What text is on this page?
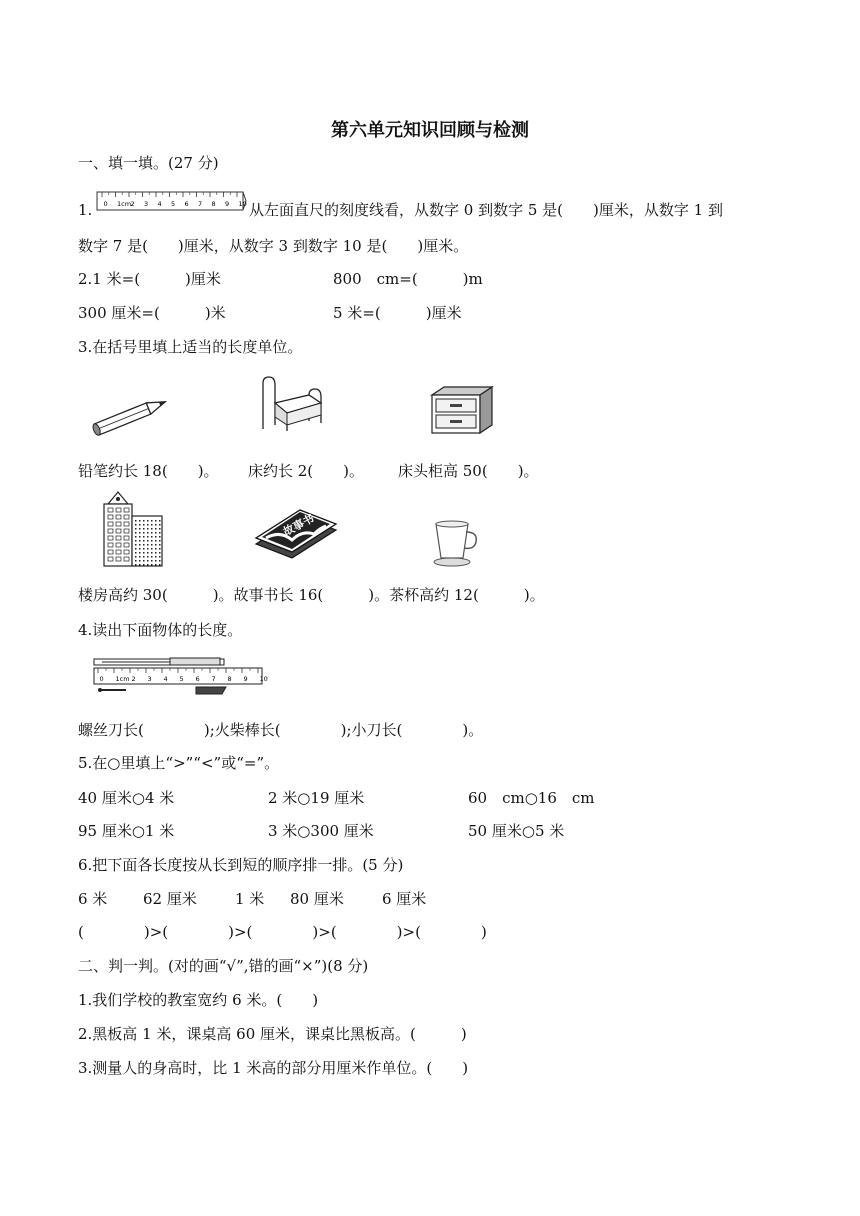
第六单元知识回顾与检测
一、填一填。(27 分)
1. 0 1cm 2 3 4 5 6 7 8 9 10 从左面直尺的刻度线看，从数字 0 到数字 5 是(　　)厘米，从数字 1 到
数字 7 是(　　)厘米，从数字 3 到数字 10 是(　　)厘米。
2.1 米=(　　　)厘米	800　cm=(　　　)m
300 厘米=(　　　)米	5 米=(　　　)厘米
3.在括号里填上适当的长度单位。
铅笔约长 18(　　)。 床约长 2(　　)。 床头柜高 50(　　)。
故事书
楼房高约 30(　　　)。故事书长 16(　　　)。茶杯高约 12(　　　)。
4.读出下面物体的长度。
0 1cm 2 3 4 5 6 7 8 9 10
螺丝刀长(　　　　);火柴棒长(　　　　);小刀长(　　　　)。
5.在○里填上“>”“<”或“=”。
40 厘米○4 米	2 米○19 厘米	60　cm○16　cm
95 厘米○1 米	3 米○300 厘米	50 厘米○5 米
6.把下面各长度按从长到短的顺序排一排。(5 分)
6 米 62 厘米	1 米 80 厘米	6 厘米
(　　　　)>(　　　　)>(　　　　)>(　　　　)>(　　　　)
二、判一判。(对的画“√”,错的画“×”)(8 分)
1.我们学校的教室宽约 6 米。(　　)
2.黑板高 1 米，课桌高 60 厘米，课桌比黑板高。(　　　)
3.测量人的身高时，比 1 米高的部分用厘米作单位。(　　)
